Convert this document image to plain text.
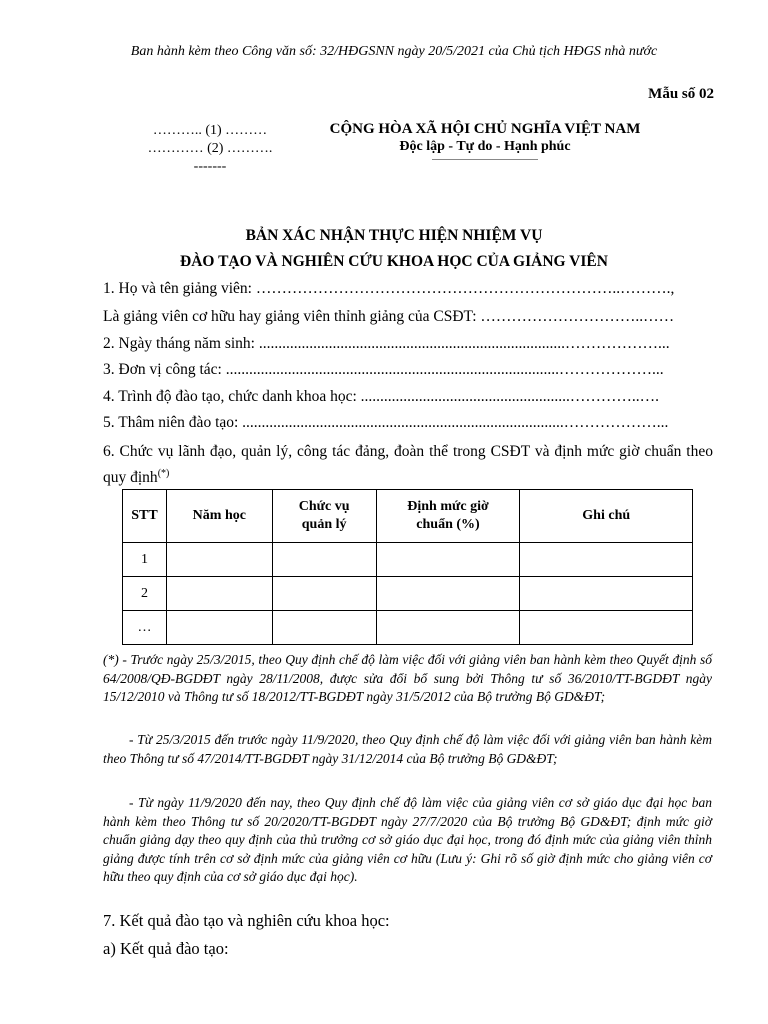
Ban hành kèm theo Công văn số: 32/HĐGSNN ngày 20/5/2021 của Chủ tịch HĐGS nhà nước
Mẫu số 02
……….. (1) ………
………… (2) ……….
-------
CỘNG HÒA XÃ HỘI CHỦ NGHĨA VIỆT NAM
Độc lập - Tự do - Hạnh phúc
BẢN XÁC NHẬN THỰC HIỆN NHIỆM VỤ
ĐÀO TẠO VÀ NGHIÊN CỨU KHOA HỌC CỦA GIẢNG VIÊN
1. Họ và tên giảng viên: ……………………………………………………………..……….,
Là giảng viên cơ hữu hay giảng viên thỉnh giảng của CSĐT: …………………………..……
2. Ngày tháng năm sinh: ...............................................................................………………...
3. Đơn vị công tác: ......................................................................................………………...
4. Trình độ đào tạo, chức danh khoa học: ......................................................…………..….
5. Thâm niên đào tạo: ...................................................................................………………...
6. Chức vụ lãnh đạo, quản lý, công tác đảng, đoàn thể trong CSĐT và định mức giờ chuẩn theo quy định(*)
STT	Năm học	Chức vụ quản lý	Định mức giờ chuẩn (%)	Ghi chú
1				
2				
…				
(*) - Trước ngày 25/3/2015, theo Quy định chế độ làm việc đối với giảng viên ban hành kèm theo Quyết định số 64/2008/QĐ-BGDĐT ngày 28/11/2008, được sửa đổi bổ sung bởi Thông tư số 36/2010/TT-BGDĐT ngày 15/12/2010 và Thông tư số 18/2012/TT-BGDĐT ngày 31/5/2012 của Bộ trưởng Bộ GD&ĐT;
- Từ 25/3/2015 đến trước ngày 11/9/2020, theo Quy định chế độ làm việc đối với giảng viên ban hành kèm theo Thông tư số 47/2014/TT-BGDĐT ngày 31/12/2014 của Bộ trưởng Bộ GD&ĐT;
- Từ ngày 11/9/2020 đến nay, theo Quy định chế độ làm việc của giảng viên cơ sở giáo dục đại học ban hành kèm theo Thông tư số 20/2020/TT-BGDĐT ngày 27/7/2020 của Bộ trưởng Bộ GD&ĐT; định mức giờ chuẩn giảng dạy theo quy định của thủ trưởng cơ sở giáo dục đại học, trong đó định mức của giảng viên thỉnh giảng được tính trên cơ sở định mức của giảng viên cơ hữu (Lưu ý: Ghi rõ số giờ định mức cho giảng viên cơ hữu theo quy định của cơ sở giáo dục đại học).
7. Kết quả đào tạo và nghiên cứu khoa học:
a) Kết quả đào tạo:
